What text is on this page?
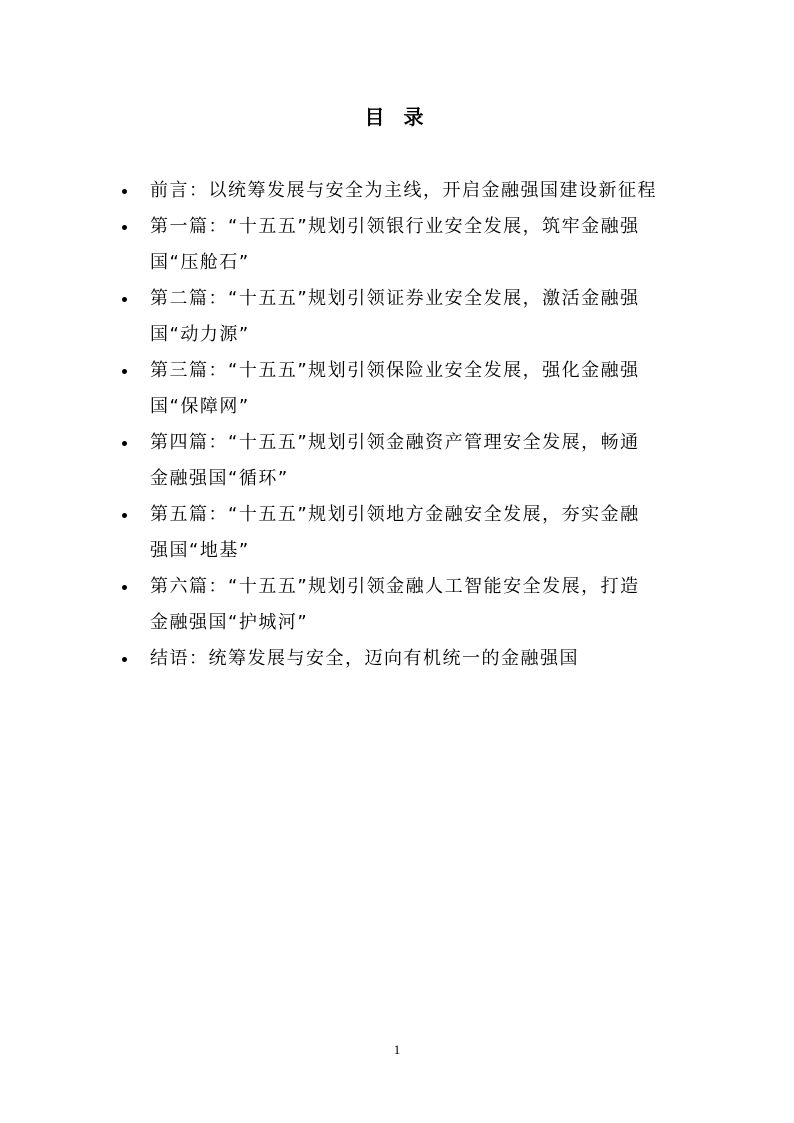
目 录
前言：以统筹发展与安全为主线，开启金融强国建设新征程
第一篇：“十五五”规划引领银行业安全发展，筑牢金融强
国“压舱石”
第二篇：“十五五”规划引领证券业安全发展，激活金融强
国“动力源”
第三篇：“十五五”规划引领保险业安全发展，强化金融强
国“保障网”
第四篇：“十五五”规划引领金融资产管理安全发展，畅通
金融强国“循环”
第五篇：“十五五”规划引领地方金融安全发展，夯实金融
强国“地基”
第六篇：“十五五”规划引领金融人工智能安全发展，打造
金融强国“护城河”
结语：统筹发展与安全，迈向有机统一的金融强国
1
